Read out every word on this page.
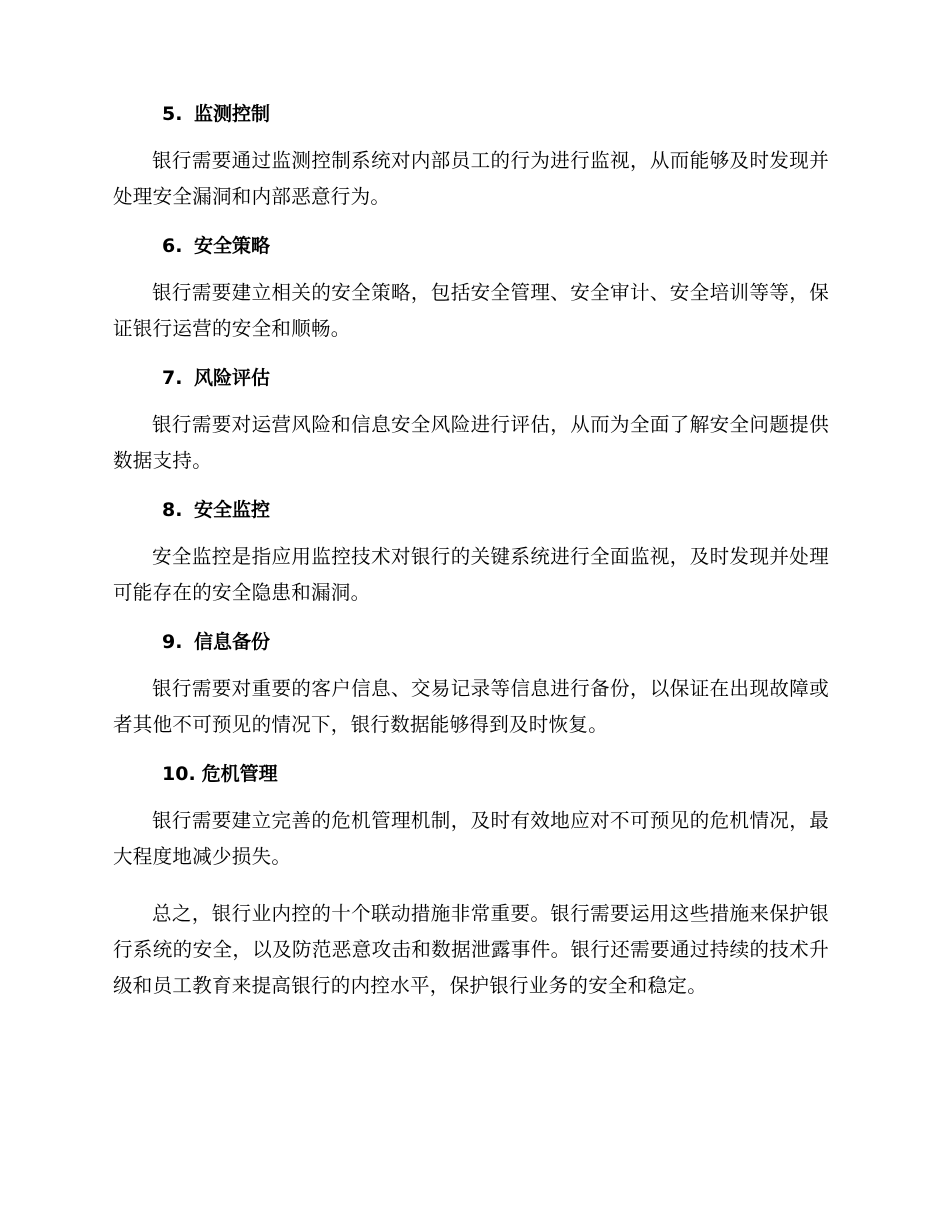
5. 监测控制

银行需要通过监测控制系统对内部员工的行为进行监视，从而能够及时发现并处理安全漏洞和内部恶意行为。

6. 安全策略

银行需要建立相关的安全策略，包括安全管理、安全审计、安全培训等等，保证银行运营的安全和顺畅。

7. 风险评估

银行需要对运营风险和信息安全风险进行评估，从而为全面了解安全问题提供数据支持。

8. 安全监控

安全监控是指应用监控技术对银行的关键系统进行全面监视，及时发现并处理可能存在的安全隐患和漏洞。

9. 信息备份

银行需要对重要的客户信息、交易记录等信息进行备份，以保证在出现故障或者其他不可预见的情况下，银行数据能够得到及时恢复。

10. 危机管理

银行需要建立完善的危机管理机制，及时有效地应对不可预见的危机情况，最大程度地减少损失。

总之，银行业内控的十个联动措施非常重要。银行需要运用这些措施来保护银行系统的安全，以及防范恶意攻击和数据泄露事件。银行还需要通过持续的技术升级和员工教育来提高银行的内控水平，保护银行业务的安全和稳定。
